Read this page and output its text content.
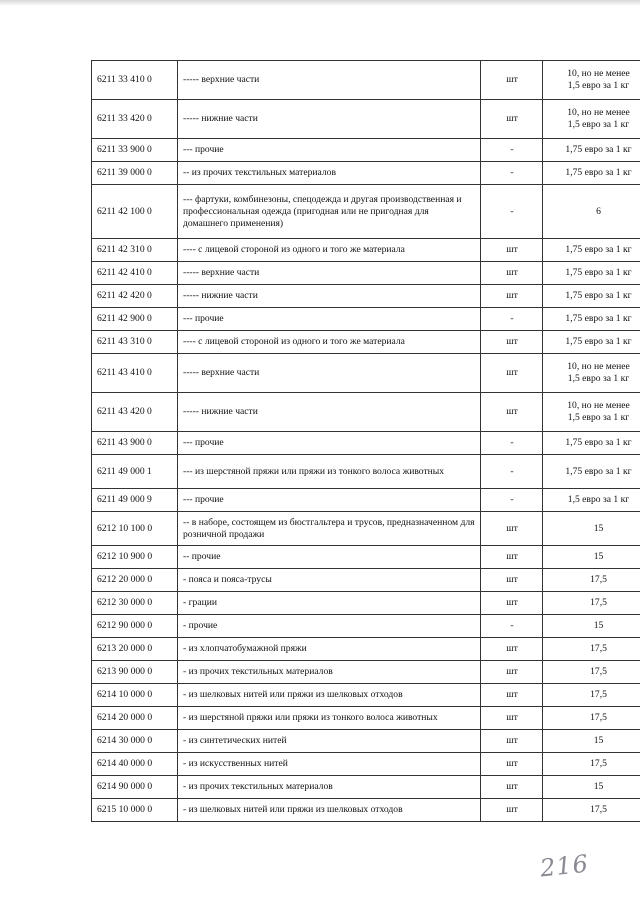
6211 33 410 0	----- верхние части	шт	10, но не менее
1,5 евро за 1 кг
6211 33 420 0	----- нижние части	шт	10, но не менее
1,5 евро за 1 кг
6211 33 900 0	--- прочие	-	1,75 евро за 1 кг
6211 39 000 0	-- из прочих текстильных материалов	-	1,75 евро за 1 кг
6211 42 100 0	--- фартуки, комбинезоны, спецодежда и другая производственная и профессиональная одежда (пригодная или не пригодная для домашнего применения)	-	6
6211 42 310 0	---- с лицевой стороной из одного и того же материала	шт	1,75 евро за 1 кг
6211 42 410 0	----- верхние части	шт	1,75 евро за 1 кг
6211 42 420 0	----- нижние части	шт	1,75 евро за 1 кг
6211 42 900 0	--- прочие	-	1,75 евро за 1 кг
6211 43 310 0	---- с лицевой стороной из одного и того же материала	шт	1,75 евро за 1 кг
6211 43 410 0	----- верхние части	шт	10, но не менее
1,5 евро за 1 кг
6211 43 420 0	----- нижние части	шт	10, но не менее
1,5 евро за 1 кг
6211 43 900 0	--- прочие	-	1,75 евро за 1 кг
6211 49 000 1	--- из шерстяной пряжи или пряжи из тонкого волоса животных	-	1,75 евро за 1 кг
6211 49 000 9	--- прочие	-	1,5 евро за 1 кг
6212 10 100 0	-- в наборе, состоящем из бюстгальтера и трусов, предназначенном для розничной продажи	шт	15
6212 10 900 0	-- прочие	шт	15
6212 20 000 0	- пояса и пояса-трусы	шт	17,5
6212 30 000 0	- грации	шт	17,5
6212 90 000 0	- прочие	-	15
6213 20 000 0	- из хлопчатобумажной пряжи	шт	17,5
6213 90 000 0	- из прочих текстильных материалов	шт	17,5
6214 10 000 0	- из шелковых нитей или пряжи из шелковых отходов	шт	17,5
6214 20 000 0	- из шерстяной пряжи или пряжи из тонкого волоса животных	шт	17,5
6214 30 000 0	- из синтетических нитей	шт	15
6214 40 000 0	- из искусственных нитей	шт	17,5
6214 90 000 0	- из прочих текстильных материалов	шт	15
6215 10 000 0	- из шелковых нитей или пряжи из шелковых отходов	шт	17,5
216
